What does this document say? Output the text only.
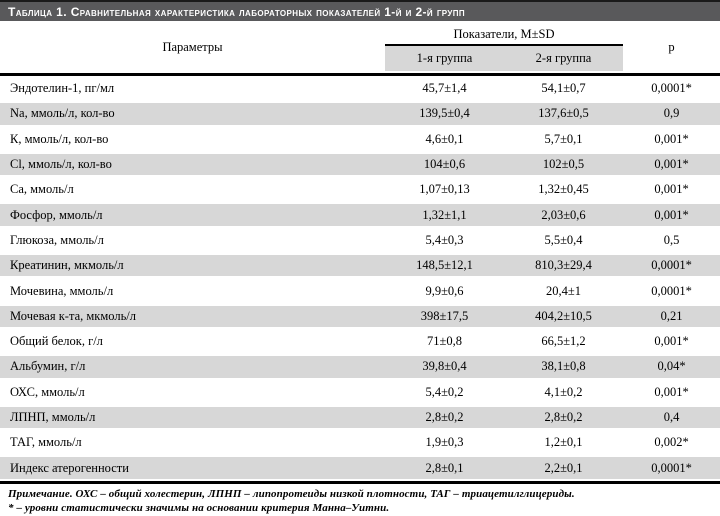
Таблица 1. Сравнительная характеристика лабораторных показателей 1-й и 2-й групп
Параметры
Показатели, M±SD
1-я группа	2-я группа
р
Эндотелин-1, пг/мл	45,7±1,4	54,1±0,7	0,0001*
Na, ммоль/л, кол-во	139,5±0,4	137,6±0,5	0,9
К, ммоль/л, кол-во	4,6±0,1	5,7±0,1	0,001*
Cl, ммоль/л, кол-во	104±0,6	102±0,5	0,001*
Са, ммоль/л	1,07±0,13	1,32±0,45	0,001*
Фосфор, ммоль/л	1,32±1,1	2,03±0,6	0,001*
Глюкоза, ммоль/л	5,4±0,3	5,5±0,4	0,5
Креатинин, мкмоль/л	148,5±12,1	810,3±29,4	0,0001*
Мочевина, ммоль/л	9,9±0,6	20,4±1	0,0001*
Мочевая к-та, мкмоль/л	398±17,5	404,2±10,5	0,21
Общий белок, г/л	71±0,8	66,5±1,2	0,001*
Альбумин, г/л	39,8±0,4	38,1±0,8	0,04*
ОХС, ммоль/л	5,4±0,2	4,1±0,2	0,001*
ЛПНП, ммоль/л	2,8±0,2	2,8±0,2	0,4
ТАГ, ммоль/л	1,9±0,3	1,2±0,1	0,002*
Индекс атерогенности	2,8±0,1	2,2±0,1	0,0001*
Примечание. ОХС – общий холестерин, ЛПНП – липопротеиды низкой плотности, ТАГ – триацетилглицериды.
* – уровни статистически значимы на основании критерия Манна–Уитни.
